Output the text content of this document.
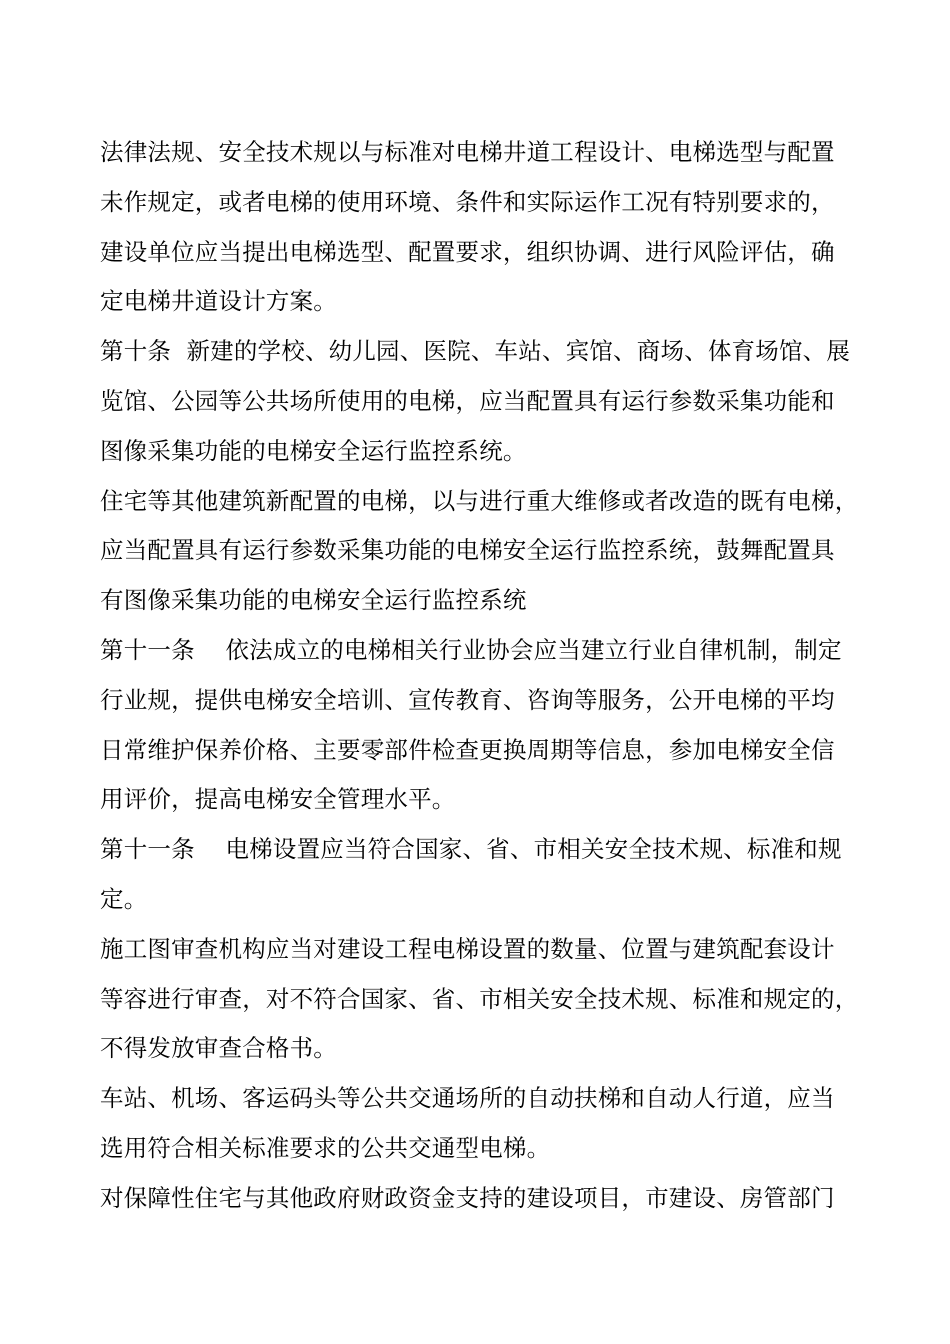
法律法规、安全技术规以与标准对电梯井道工程设计、电梯选型与配置
未作规定，或者电梯的使用环境、条件和实际运作工况有特别要求的，
建设单位应当提出电梯选型、配置要求，组织协调、进行风险评估，确
定电梯井道设计方案。
第十条  新建的学校、幼儿园、医院、车站、宾馆、商场、体育场馆、展
览馆、公园等公共场所使用的电梯，应当配置具有运行参数采集功能和
图像采集功能的电梯安全运行监控系统。
住宅等其他建筑新配置的电梯，以与进行重大维修或者改造的既有电梯，
应当配置具有运行参数采集功能的电梯安全运行监控系统，鼓舞配置具
有图像采集功能的电梯安全运行监控系统
第十一条    依法成立的电梯相关行业协会应当建立行业自律机制，制定
行业规，提供电梯安全培训、宣传教育、咨询等服务，公开电梯的平均
日常维护保养价格、主要零部件检查更换周期等信息，参加电梯安全信
用评价，提高电梯安全管理水平。
第十一条    电梯设置应当符合国家、省、市相关安全技术规、标准和规
定。
施工图审查机构应当对建设工程电梯设置的数量、位置与建筑配套设计
等容进行审查，对不符合国家、省、市相关安全技术规、标准和规定的，
不得发放审查合格书。
车站、机场、客运码头等公共交通场所的自动扶梯和自动人行道，应当
选用符合相关标准要求的公共交通型电梯。
对保障性住宅与其他政府财政资金支持的建设项目，市建设、房管部门
